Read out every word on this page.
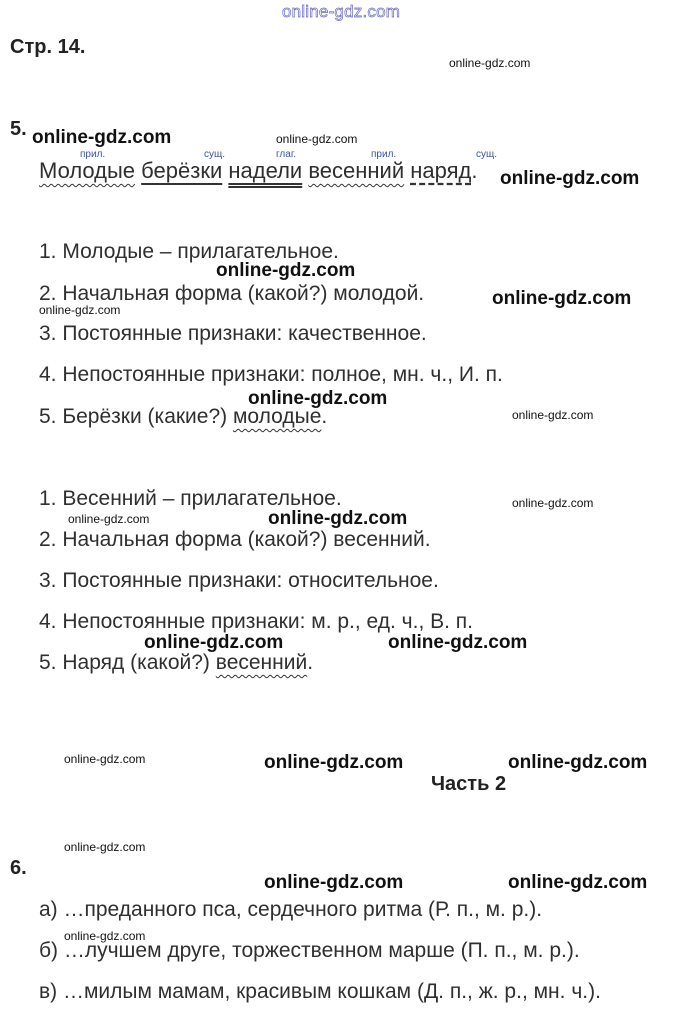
online-gdz.com
Стр. 14.
5.
прил.	сущ.	глаг.	прил.	сущ.
Молодые берёзки надели весенний наряд.
1. Молодые – прилагательное.
2. Начальная форма (какой?) молодой.
3. Постоянные признаки: качественное.
4. Непостоянные признаки: полное, мн. ч., И. п.
5. Берёзки (какие?) молодые.
1. Весенний – прилагательное.
2. Начальная форма (какой?) весенний.
3. Постоянные признаки: относительное.
4. Непостоянные признаки: м. р., ед. ч., В. п.
5. Наряд (какой?) весенний.
Часть 2
6.
а) …преданного пса, сердечного ритма (Р. п., м. р.).
б) …лучшем друге, торжественном марше (П. п., м. р.).
в) …милым мамам, красивым кошкам (Д. п., ж. р., мн. ч.).
online-gdz.com
online-gdz.com
online-gdz.com
online-gdz.com
online-gdz.com
online-gdz.com
online-gdz.com
online-gdz.com
online-gdz.com
online-gdz.com
online-gdz.com
online-gdz.com
online-gdz.com
online-gdz.com
online-gdz.com
online-gdz.com	online-gdz.com
online-gdz.com	online-gdz.com
online-gdz.com	online-gdz.com
